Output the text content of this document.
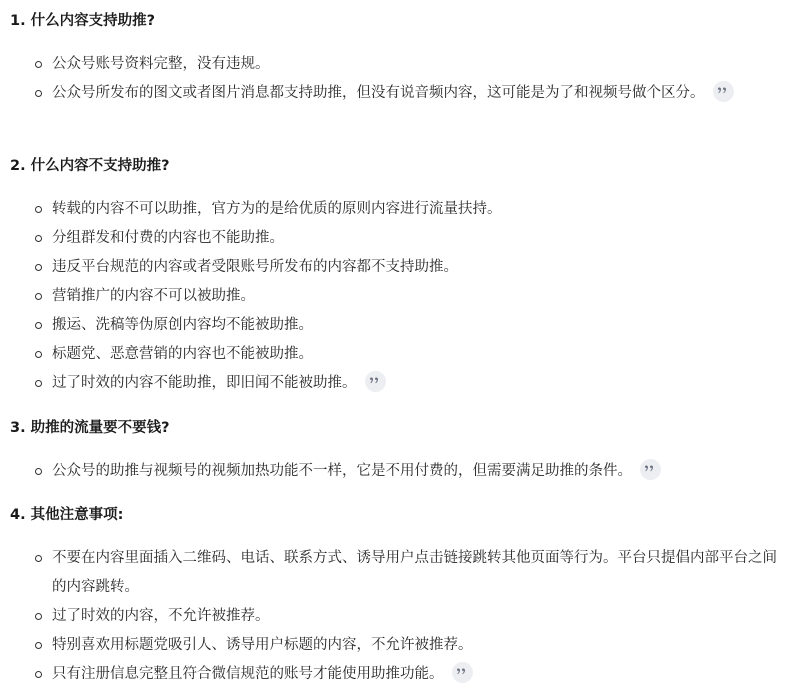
1. 什么内容支持助推?
公众号账号资料完整，没有违规。
公众号所发布的图文或者图片消息都支持助推，但没有说音频内容，这可能是为了和视频号做个区分。
2. 什么内容不支持助推?
转载的内容不可以助推，官方为的是给优质的原则内容进行流量扶持。
分组群发和付费的内容也不能助推。
违反平台规范的内容或者受限账号所发布的内容都不支持助推。
营销推广的内容不可以被助推。
搬运、洗稿等伪原创内容均不能被助推。
标题党、恶意营销的内容也不能被助推。
过了时效的内容不能助推，即旧闻不能被助推。
3. 助推的流量要不要钱?
公众号的助推与视频号的视频加热功能不一样，它是不用付费的，但需要满足助推的条件。
4. 其他注意事项:
不要在内容里面插入二维码、电话、联系方式、诱导用户点击链接跳转其他页面等行为。平台只提倡内部平台之间的内容跳转。
过了时效的内容，不允许被推荐。
特别喜欢用标题党吸引人、诱导用户标题的内容，不允许被推荐。
只有注册信息完整且符合微信规范的账号才能使用助推功能。
